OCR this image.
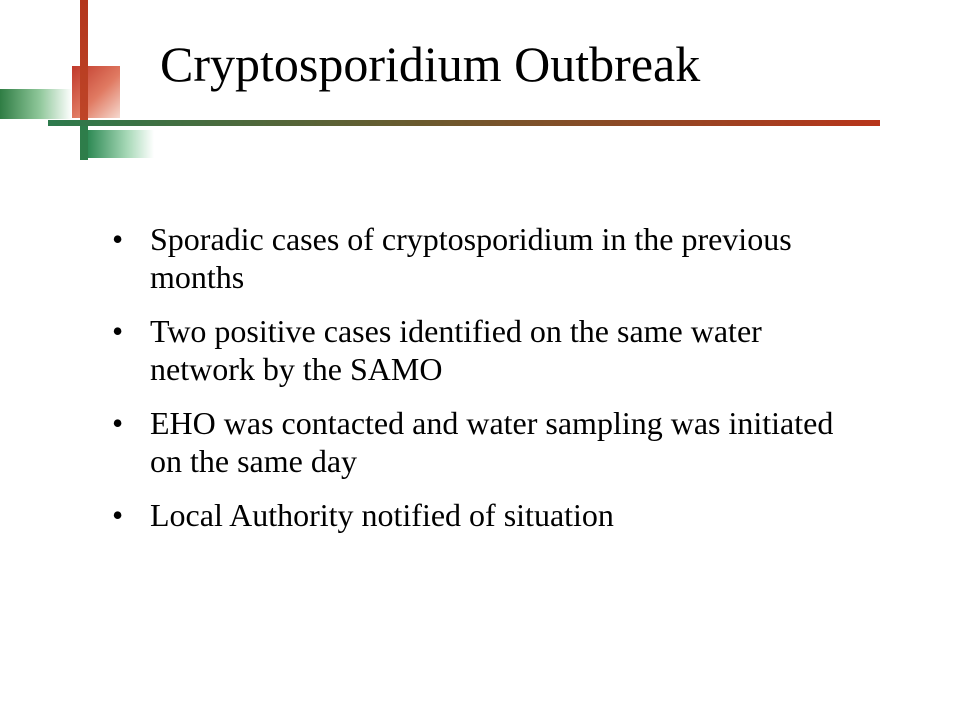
Cryptosporidium Outbreak
• Sporadic cases of cryptosporidium in the previous months
• Two positive cases identified on the same water network by the SAMO
• EHO was contacted and water sampling was initiated on the same day
• Local Authority notified of situation
